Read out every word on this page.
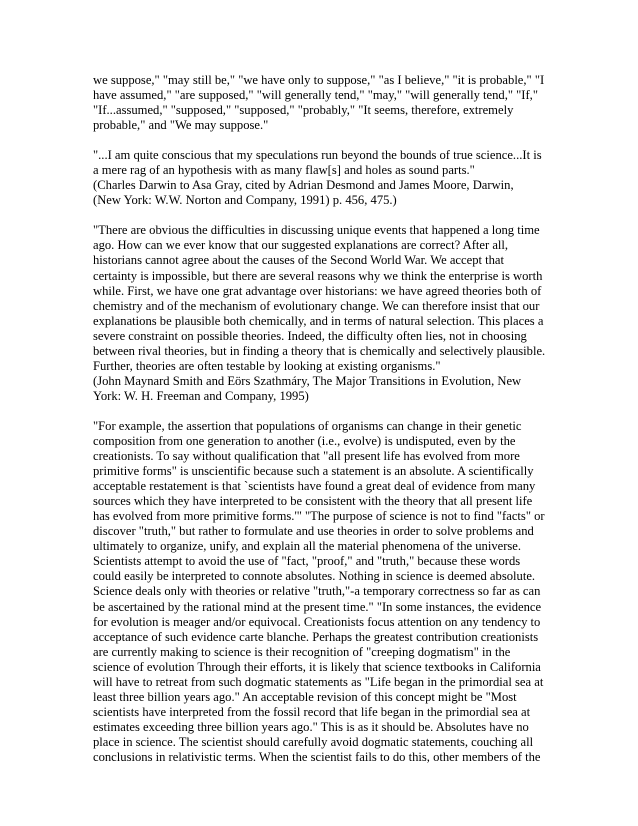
we suppose," "may still be," "we have only to suppose," "as I believe," "it is probable," "I
have assumed," "are supposed," "will generally tend," "may," "will generally tend," "If,"
"If...assumed," "supposed," "supposed," "probably," "It seems, therefore, extremely
probable," and "We may suppose."
"...I am quite conscious that my speculations run beyond the bounds of true science...It is
a mere rag of an hypothesis with as many flaw[s] and holes as sound parts."
(Charles Darwin to Asa Gray, cited by Adrian Desmond and James Moore, Darwin,
(New York: W.W. Norton and Company, 1991) p. 456, 475.)
"There are obvious the difficulties in discussing unique events that happened a long time
ago. How can we ever know that our suggested explanations are correct? After all,
historians cannot agree about the causes of the Second World War. We accept that
certainty is impossible, but there are several reasons why we think the enterprise is worth
while. First, we have one grat advantage over historians: we have agreed theories both of
chemistry and of the mechanism of evolutionary change. We can therefore insist that our
explanations be plausible both chemically, and in terms of natural selection. This places a
severe constraint on possible theories. Indeed, the difficulty often lies, not in choosing
between rival theories, but in finding a theory that is chemically and selectively plausible.
Further, theories are often testable by looking at existing organisms."
(John Maynard Smith and Eörs Szathmáry, The Major Transitions in Evolution, New
York: W. H. Freeman and Company, 1995)
"For example, the assertion that populations of organisms can change in their genetic
composition from one generation to another (i.e., evolve) is undisputed, even by the
creationists. To say without qualification that "all present life has evolved from more
primitive forms" is unscientific because such a statement is an absolute. A scientifically
acceptable restatement is that `scientists have found a great deal of evidence from many
sources which they have interpreted to be consistent with the theory that all present life
has evolved from more primitive forms.'" "The purpose of science is not to find "facts" or
discover "truth," but rather to formulate and use theories in order to solve problems and
ultimately to organize, unify, and explain all the material phenomena of the universe.
Scientists attempt to avoid the use of "fact, "proof," and "truth," because these words
could easily be interpreted to connote absolutes. Nothing in science is deemed absolute.
Science deals only with theories or relative "truth,"-a temporary correctness so far as can
be ascertained by the rational mind at the present time." "In some instances, the evidence
for evolution is meager and/or equivocal. Creationists focus attention on any tendency to
acceptance of such evidence carte blanche. Perhaps the greatest contribution creationists
are currently making to science is their recognition of "creeping dogmatism" in the
science of evolution Through their efforts, it is likely that science textbooks in California
will have to retreat from such dogmatic statements as "Life began in the primordial sea at
least three billion years ago." An acceptable revision of this concept might be "Most
scientists have interpreted from the fossil record that life began in the primordial sea at
estimates exceeding three billion years ago." This is as it should be. Absolutes have no
place in science. The scientist should carefully avoid dogmatic statements, couching all
conclusions in relativistic terms. When the scientist fails to do this, other members of the
